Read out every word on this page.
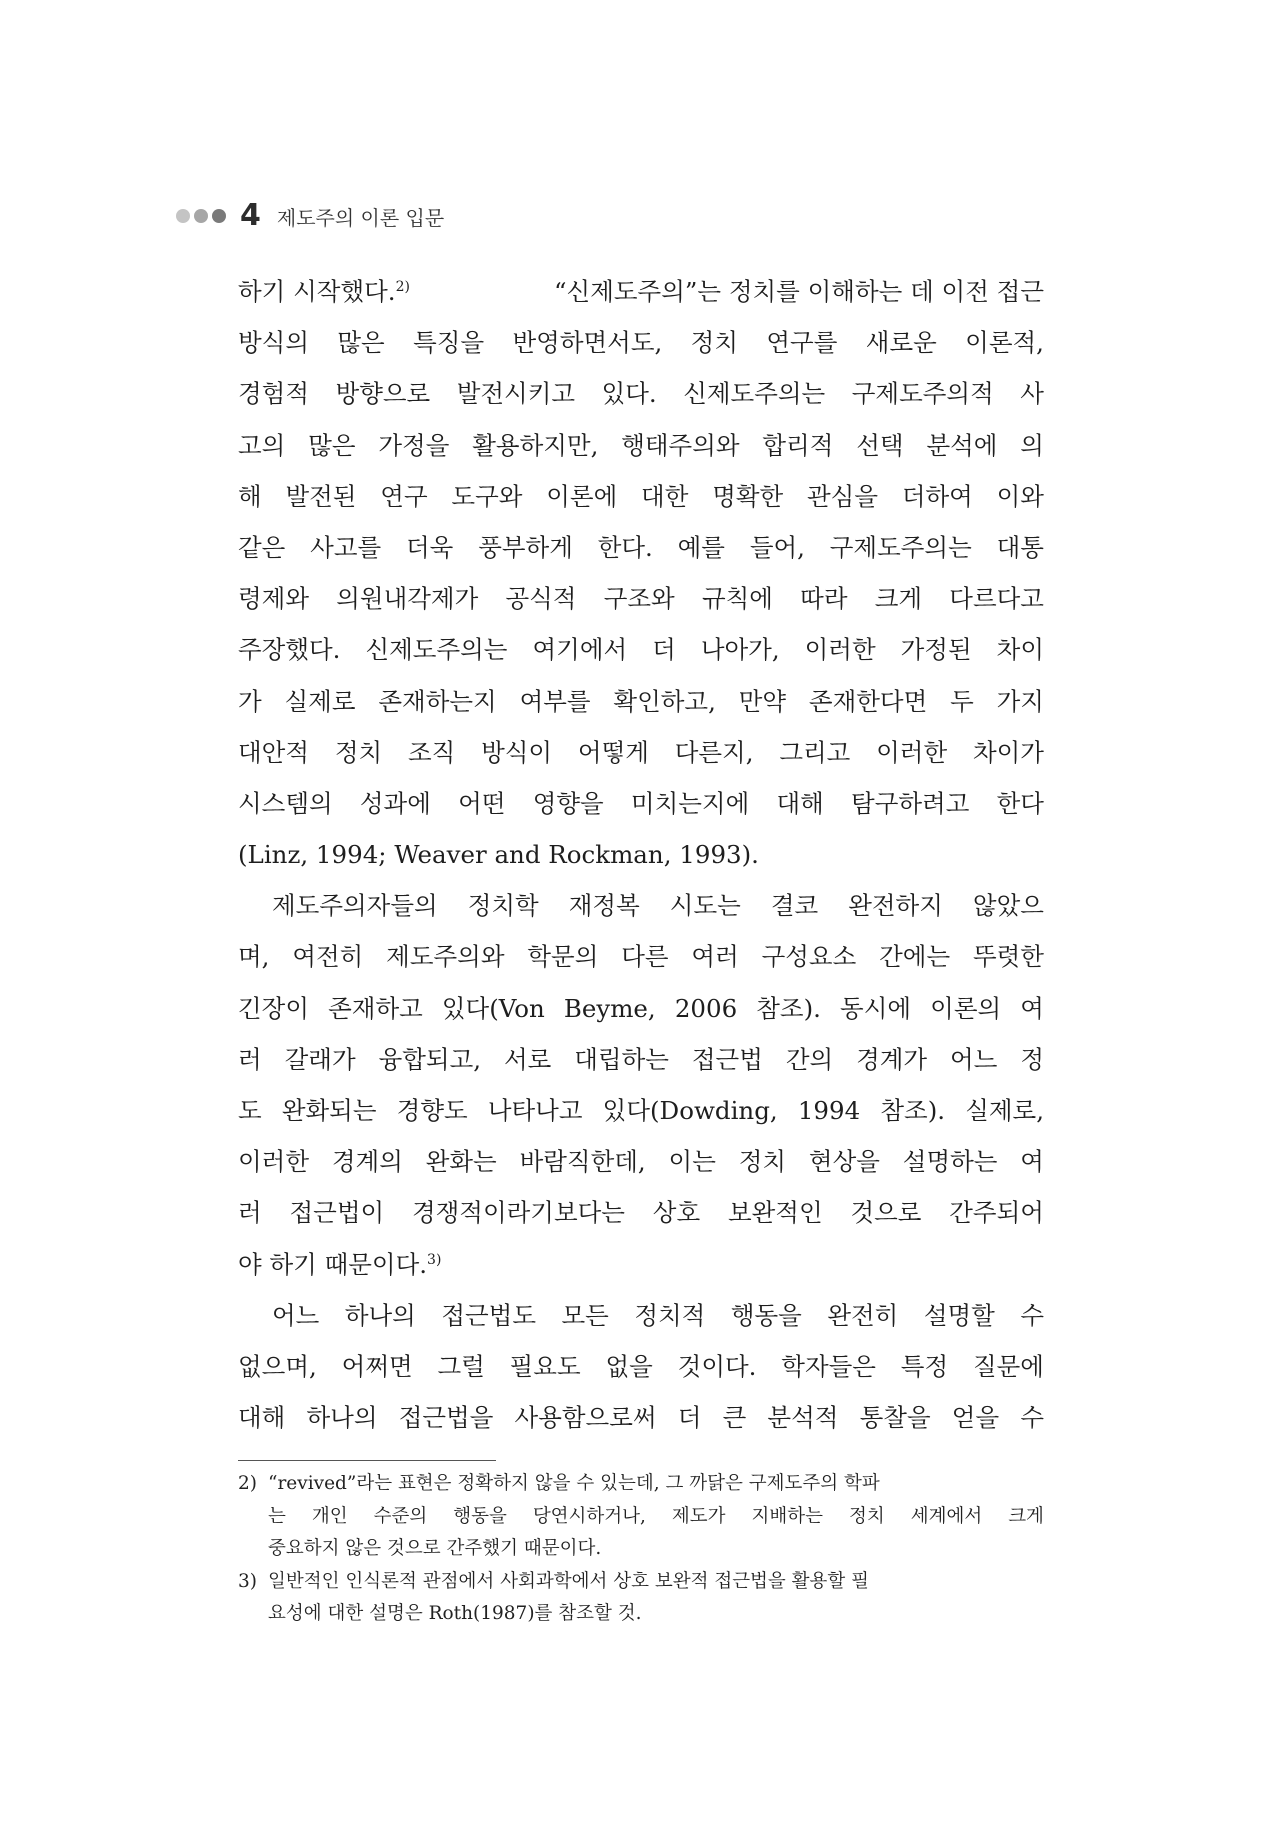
4 제도주의 이론 입문
하기 시작했다.$^{2)}$	“신제도주의”는 정치를 이해하는 데 이전 접근
방식의 많은 특징을 반영하면서도, 정치 연구를 새로운 이론적,
경험적 방향으로 발전시키고 있다. 신제도주의는 구제도주의적 사
고의 많은 가정을 활용하지만, 행태주의와 합리적 선택 분석에 의
해 발전된 연구 도구와 이론에 대한 명확한 관심을 더하여 이와
같은 사고를 더욱 풍부하게 한다. 예를 들어, 구제도주의는 대통
령제와 의원내각제가 공식적 구조와 규칙에 따라 크게 다르다고
주장했다. 신제도주의는 여기에서 더 나아가, 이러한 가정된 차이
가 실제로 존재하는지 여부를 확인하고, 만약 존재한다면 두 가지
대안적 정치 조직 방식이 어떻게 다른지, 그리고 이러한 차이가
시스템의 성과에 어떤 영향을 미치는지에 대해 탐구하려고 한다
(Linz, 1994; Weaver and Rockman, 1993).
제도주의자들의 정치학 재정복 시도는 결코 완전하지 않았으
며, 여전히 제도주의와 학문의 다른 여러 구성요소 간에는 뚜렷한
긴장이 존재하고 있다(Von Beyme, 2006 참조). 동시에 이론의 여
러 갈래가 융합되고, 서로 대립하는 접근법 간의 경계가 어느 정
도 완화되는 경향도 나타나고 있다(Dowding, 1994 참조). 실제로,
이러한 경계의 완화는 바람직한데, 이는 정치 현상을 설명하는 여
러 접근법이 경쟁적이라기보다는 상호 보완적인 것으로 간주되어
야 하기 때문이다.$^{3)}$
어느 하나의 접근법도 모든 정치적 행동을 완전히 설명할 수
없으며, 어쩌면 그럴 필요도 없을 것이다. 학자들은 특정 질문에
대해 하나의 접근법을 사용함으로써 더 큰 분석적 통찰을 얻을 수
2) “revived”라는 표현은 정확하지 않을 수 있는데, 그 까닭은 구제도주의 학파
는 개인 수준의 행동을 당연시하거나, 제도가 지배하는 정치 세계에서 크게
중요하지 않은 것으로 간주했기 때문이다.
3) 일반적인 인식론적 관점에서 사회과학에서 상호 보완적 접근법을 활용할 필
요성에 대한 설명은 Roth(1987)를 참조할 것.
